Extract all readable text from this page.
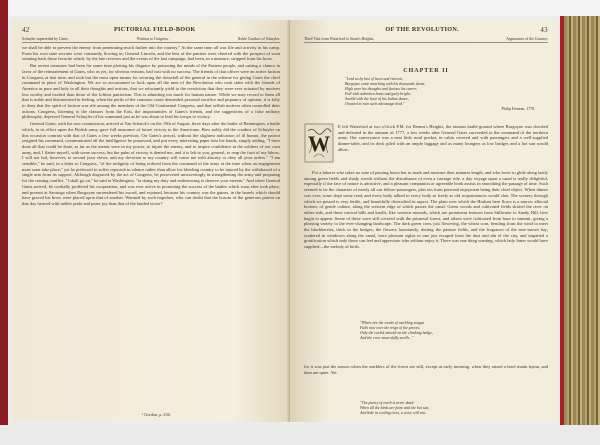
42	PICTORIAL FIELD-BOOK
Schuyler superseded by Gates.	Petition to Congress.	Noble Conduct of Schuyler.

we shall be able to prevent the enemy from penetrating much farther into the country." At the same time all was life and activity in his camp. From his own state recruits were constantly flowing in; General Lincoln, and the best of the patriots were cheered with the prospect of soon winning back those favorite which, by the late reverses and the events of the last campaign, had been, in a measure, stripped from his brow.

But recent measures had been for some time plotting his disgrace by poisoning the minds of the Eastern people, and raising a clamor in favor of the reinstatement of Gates, who as yet, for obvious reasons, had cast with no success. The friends of that officer were an active faction in Congress at that time, and took but the most open means for securing the downfall of the general in the scheme for giving Gates the chief command in place of Washington. We are so accustomed to look upon all the men of the Revolution who took sides with the friends of America as pure and holy in all their thoughts and actions, that we reluctantly yield to the conviction that they were ever actuated by motives less worthy and exalted than those of the loftiest patriotism. This is admitting too much for human nature. While we may record to them all that is noble and disinterested in feeling, when the perils of the common cause demanded personal sacrifice and piquancy of opinion, it is folly to deny that the spirit of faction was rife among the members of the Old Continental Congress, and that selfish motives often controlled their actions. Congress, listening to the clamors from the East, the importunities of Gates's friends, and the suggestions of a false military philosophy, deprived General Schuyler of his command just as he was about to lead his troops to victory.

General Gates, with his new commission, arrived at Van Schaick's on the 19th of August, three days after the battle of Bennington, a battle which, in its effect upon the British army, gave full assurance of future victory to the Americans. How nobly did the conduct of Schuyler on this occasion contrast with that of Gates a few weeks previous. On Gates's arrival, without the slightest indication of ill humor, the patriot resigned his command, communicated all the intelligence he possessed, and put every interesting paper into his hands, simply adding, "I have done all that could be done, as far as the means were in my power, to injure the enemy, and to inspire confidence in the soldiers of our own army, and, I flatter myself, with some success; but the palm of victory is denied me, and it is left to you, general, to reap the fruit of my labors. I will not fail, however, to second your views; and my devotion to my country will cause me with alacrity to obey all your orders." "I am sensible," he said, in a letter to Congress, "of the indignity of being ordered from the command of the army at the time when an engagement must soon take place;" yet he preferred to suffer reproach in silence rather than allow his bleeding country to be injured by the withdrawal of a single arm from its support. Although disgraced by the act of Congress, he persevered unwaveringly in strengthening the army and preparing for the coming conflict. "I shall go on," he said to Washington, "in doing my duty and endeavoring to deserve your esteem." And when General Gates arrived, he cordially proffered his cooperation, and was ever active in promoting the success of the battles which soon after took place, and present at Saratoga when Burgoyne surrendered his sword, and rejoined, because his country was the gainer, in the laurels which should have graced his brow were placed upon that of another. Warmed by such impulses, who can doubt that the bosom of the generous patriot on that day heaved with nobler pride and purer joy than that of the lauded victor?

¹ Gordon, p. 236.
OF THE REVOLUTION.	43
Third Visit from Waterford to Stone's Heights.	Appearance of the Country.
CHAPTER II
"Lord us by lust of lucre and renown,
Burgoyne came marching with his thousands down;
High were his thoughts and furious his career,
Full with unbroken hosts and gaily bright,
Swelld with the hour of his Indian dance,
Onward to ruin such advantage lead."
Philip Freneau, 1778.
W
E left Waterford at two o'clock P.M. for Bemus's Heights, the famous battle-ground where Burgoyne was checked and defeated in the autumn of 1777, a few weeks after General Gates succeeded to the command of the northern army. Our conveyance was a neat little rural pocket, in cabin covered and with passengers and a well-supplied dinner-table, and its deck piled with an ample luggage and as many loungers as low bridges and a hot sun would allow.
For a laborer who takes no note of passing hours but to mark and measure their minutes length, and who loves to glide along lazily among green fields and shady woods without the disturbance of even a carriage ride, a day voyage upon a canal is really delightful, especially if the face of nature is attractive, and a pleasant companion or agreeable book assists in smoothing the passage of time. Such seemed to be the character of nearly all our fellow-passengers, plus ten from personal enjoyment being their chief object. When dinner was over, some slept some read, and every body talked to every body as freely as old acquaintances would chat. The scenery through which we passed is very fertile, and beautifully diversified in aspect. The plain over which the Hudson here flows is a narrow alluvial bottom, of gentle culture, along the western edge of which passes the canal. Green woods and cultivated fields skirted the river on either side, and these conical hills and knolls, like western mounds, which are prominent features from Stillwater to Sandy Hill, here begin to appear. Some of these were still covered with the primeval forest, and others were cultivated from base to summit, giving a pleasing variety to the ever-changing landscape. The dark green corn, just flowering, the wheat corn, bending from the wind to meet the blackberries, thick in the hedges; the flowers luxuriantly, dotting the pasture fields, and the fragrance of the new-mown hay, scattered in windrows along the canal, were pleasant sights to one just escaped from the dust and din of the city, and imparted a gratification which only those can feel and appreciate who seldom enjoy it. There was one thing wanting, which lady Jones would have supplied—the melody of birds.
"Where are the words of warbling tongue
Falls now over the reign of the groves,
Only the curled smooth on the climbing hedge,
And the crow mournfully swells..."
for it was just the season when the warblers of the forest are still, except at early morning, when they raised a brief matin hymn, and then are quiet. Yet
"The poetry of earth is never dead:
When all the birds are faint with the hot sun,
And hide in cooling trees, a voice will run.
